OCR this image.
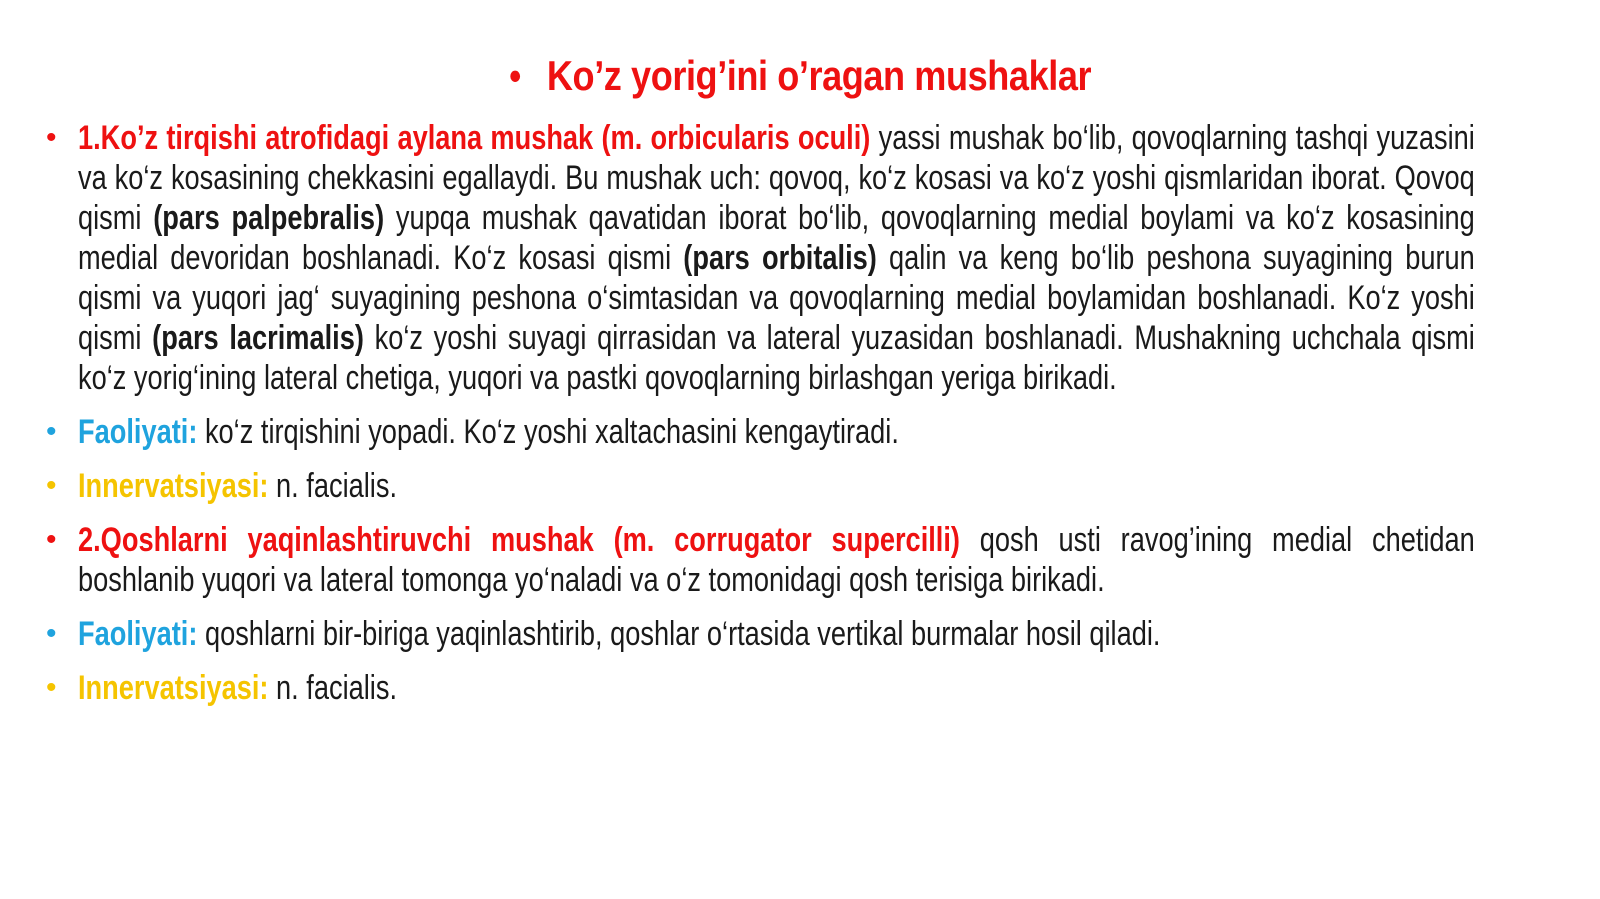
• Ko’z yorig’ini o’ragan mushaklar
• 1.Ko’z tirqishi atrofidagi aylana mushak (m. orbicularis oculi) yassi mushak bo‘lib, qovoqlarning tashqi yuzasini va ko‘z kosasining chekkasini egallaydi. Bu mushak uch: qovoq, ko‘z kosasi va ko‘z yoshi qismlaridan iborat. Qovoq qismi (pars palpebralis) yupqa mushak qavatidan iborat bo‘lib, qovoqlarning medial boylami va ko‘z kosasining medial devoridan boshlanadi. Ko‘z kosasi qismi (pars orbitalis) qalin va keng bo‘lib peshona suyagining burun qismi va yuqori jag‘ suyagining peshona o‘simtasidan va qovoqlarning medial boylamidan boshlanadi. Ko‘z yoshi qismi (pars lacrimalis) ko‘z yoshi suyagi qirrasidan va lateral yuzasidan boshlanadi. Mushakning uchchala qismi ko‘z yorig‘ining lateral chetiga, yuqori va pastki qovoqlarning birlashgan yeriga birikadi.
• Faoliyati: ko‘z tirqishini yopadi. Ko‘z yoshi xaltachasini kengaytiradi.
• Innervatsiyasi: n. facialis.
• 2.Qoshlarni yaqinlashtiruvchi mushak (m. corrugator supercilli) qosh usti ravog’ining medial chetidan boshlanib yuqori va lateral tomonga yo‘naladi va o‘z tomonidagi qosh terisiga birikadi.
• Faoliyati: qoshlarni bir-biriga yaqinlashtirib, qoshlar o‘rtasida vertikal burmalar hosil qiladi.
• Innervatsiyasi: n. facialis.
